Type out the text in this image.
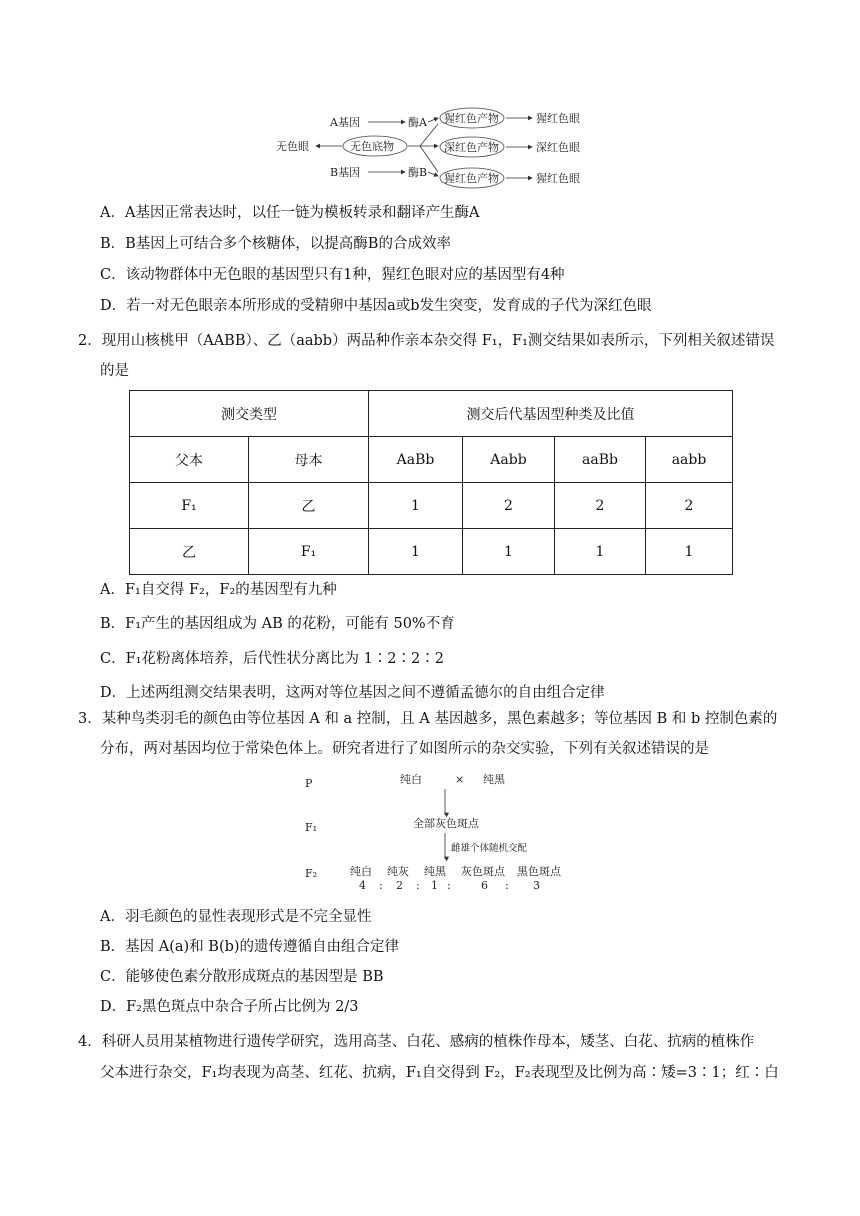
A基因	酶A 猩红色产物	猩红色眼
无色眼	无色底物	深红色产物	深红色眼
B基因	酶B 猩红色产物	猩红色眼
A．A基因正常表达时，以任一链为模板转录和翻译产生酶A
B．B基因上可结合多个核糖体，以提高酶B的合成效率
C．该动物群体中无色眼的基因型只有1种，猩红色眼对应的基因型有4种
D．若一对无色眼亲本所形成的受精卵中基因a或b发生突变，发育成的子代为深红色眼
2．现用山核桃甲（AABB）、乙（aabb）两品种作亲本杂交得 F₁，F₁测交结果如表所示，下列相关叙述错误
的是
测交类型		测交后代基因型种类及比值			
父本	母本	AaBb	Aabb	aaBb	aabb
F₁	乙	1	2	2	2
乙	F₁	1	1	1	1
A．F₁自交得 F₂，F₂的基因型有九种
B．F₁产生的基因组成为 AB 的花粉，可能有 50%不育
C．F₁花粉离体培养，后代性状分离比为 1∶2∶2∶2
D．上述两组测交结果表明，这两对等位基因之间不遵循孟德尔的自由组合定律
3．某种鸟类羽毛的颜色由等位基因 A 和 a 控制，且 A 基因越多，黑色素越多；等位基因 B 和 b 控制色素的
分布，两对基因均位于常染色体上。研究者进行了如图所示的杂交实验，下列有关叙述错误的是
P	纯白	× 纯黑
F₁	全部灰色斑点
雌雄个体随机交配
F₂	纯白 纯灰 纯黑 灰色斑点 黑色斑点
4 : 2 : 1 :	6 : 3
A．羽毛颜色的显性表现形式是不完全显性
B．基因 A(a)和 B(b)的遗传遵循自由组合定律
C．能够使色素分散形成斑点的基因型是 BB
D．F₂黑色斑点中杂合子所占比例为 2/3
4．科研人员用某植物进行遗传学研究，选用高茎、白花、感病的植株作母本，矮茎、白花、抗病的植株作
父本进行杂交，F₁均表现为高茎、红花、抗病，F₁自交得到 F₂，F₂表现型及比例为高∶矮=3∶1；红∶白
